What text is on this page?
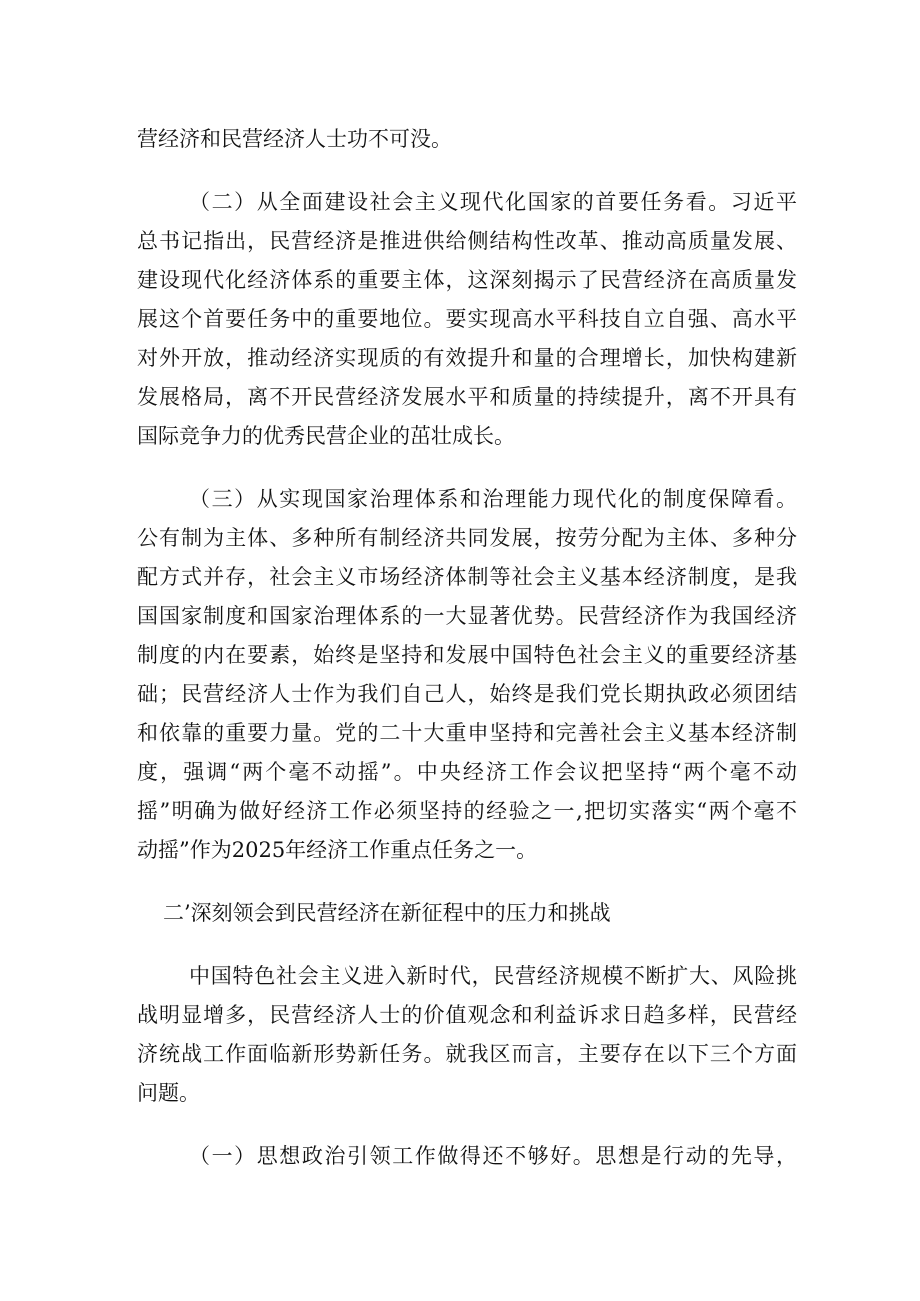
营经济和民营经济人士功不可没。
（二）从全面建设社会主义现代化国家的首要任务看。习近平
总书记指出，民营经济是推进供给侧结构性改革、推动高质量发展、
建设现代化经济体系的重要主体，这深刻揭示了民营经济在高质量发
展这个首要任务中的重要地位。要实现高水平科技自立自强、高水平
对外开放，推动经济实现质的有效提升和量的合理增长，加快构建新
发展格局，离不开民营经济发展水平和质量的持续提升，离不开具有
国际竞争力的优秀民营企业的茁壮成长。
（三）从实现国家治理体系和治理能力现代化的制度保障看。
公有制为主体、多种所有制经济共同发展，按劳分配为主体、多种分
配方式并存，社会主义市场经济体制等社会主义基本经济制度，是我
国国家制度和国家治理体系的一大显著优势。民营经济作为我国经济
制度的内在要素，始终是坚持和发展中国特色社会主义的重要经济基
础；民营经济人士作为我们自己人，始终是我们党长期执政必须团结
和依靠的重要力量。党的二十大重申坚持和完善社会主义基本经济制
度，强调“两个毫不动摇”。中央经济工作会议把坚持“两个毫不动
摇”明确为做好经济工作必须坚持的经验之一,把切实落实“两个毫不
动摇”作为2025年经济工作重点任务之一。
二’深刻领会到民营经济在新征程中的压力和挑战
中国特色社会主义进入新时代，民营经济规模不断扩大、风险挑
战明显增多，民营经济人士的价值观念和利益诉求日趋多样，民营经
济统战工作面临新形势新任务。就我区而言，主要存在以下三个方面
问题。
（一）思想政治引领工作做得还不够好。思想是行动的先导，
